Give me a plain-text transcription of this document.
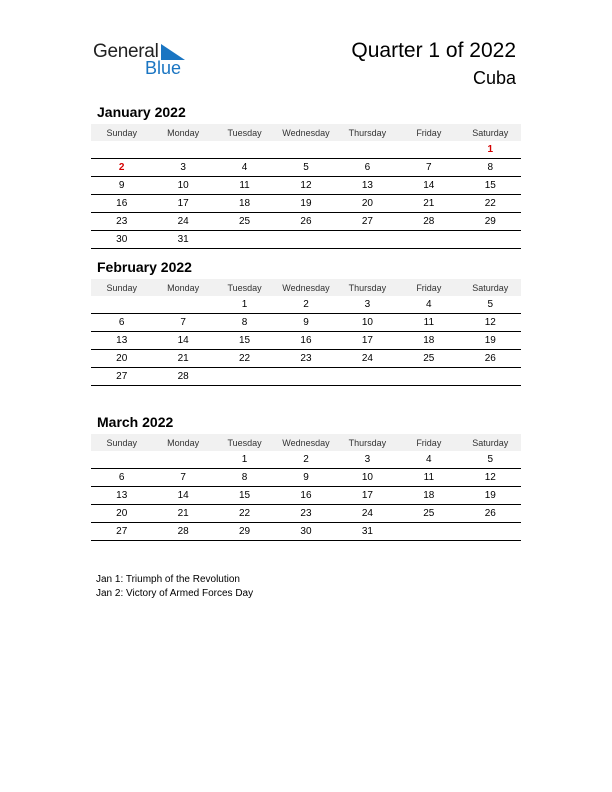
General
Blue
Quarter 1 of 2022
Cuba
January 2022
Sunday	Monday	Tuesday	Wednesday	Thursday	Friday	Saturday
						1
2	3	4	5	6	7	8
9	10	11	12	13	14	15
16	17	18	19	20	21	22
23	24	25	26	27	28	29
30	31					
February 2022
Sunday	Monday	Tuesday	Wednesday	Thursday	Friday	Saturday
		1	2	3	4	5
6	7	8	9	10	11	12
13	14	15	16	17	18	19
20	21	22	23	24	25	26
27	28					
March 2022
Sunday	Monday	Tuesday	Wednesday	Thursday	Friday	Saturday
		1	2	3	4	5
6	7	8	9	10	11	12
13	14	15	16	17	18	19
20	21	22	23	24	25	26
27	28	29	30	31		
Jan 1: Triumph of the Revolution
Jan 2: Victory of Armed Forces Day
